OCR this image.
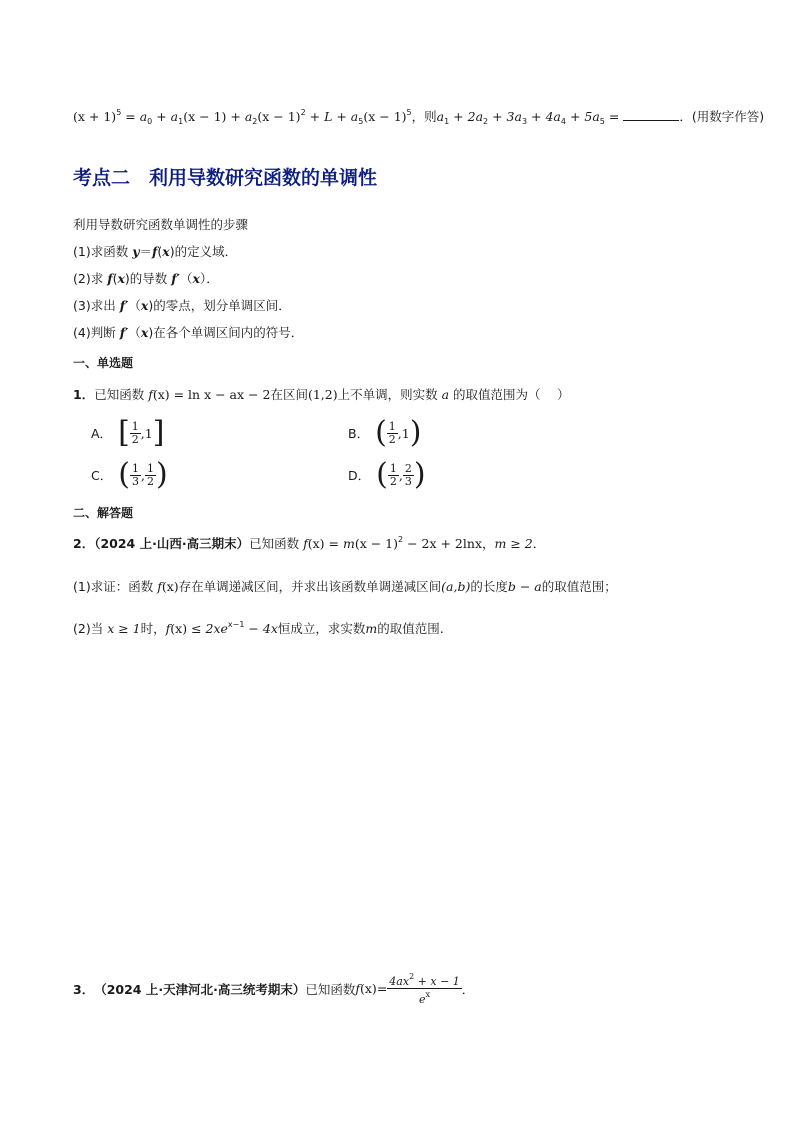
$(x + 1)^5 = a_0 + a_1(x - 1) + a_2(x - 1)^2 + L + a_5(x - 1)^5$，则$a_1 + 2a_2 + 3a_3 + 4a_4 + 5a_5$ =	．(用数字作答)
考点二　利用导数研究函数的单调性
利用导数研究函数单调性的步骤
(1)求函数 y＝f(x)的定义域．
(2)求 f(x)的导数 f′（x）．
(3)求出 f′（x)的零点，划分单调区间．
(4)判断 f′（x)在各个单调区间内的符号．
一、单选题
1．已知函数 f(x) = ln x − ax − 2在区间(1,2)上不单调，则实数 a 的取值范围为（　 ）
A． [ $\frac{1}{2} ,1$ ]	B． ( $\frac{1}{2} ,1$ )
C． ( $\frac{1}{3}$ , $\frac{1}{2}$ )	D． ( $\frac{1}{2}$ , $\frac{2}{3}$ )
二、解答题
2．（2024 上·山西·高三期末）已知函数 $f(x) = m(x - 1)^2 - 2x + 2\ln x$，m ≥ 2．
(1)求证：函数 f(x)存在单调递减区间，并求出该函数单调递减区间(a,b)的长度b − a的取值范围；
(2)当 x ≥ 1时，$f(x) \le 2xe^{x-1} - 4x$恒成立，求实数m的取值范围.
3． （2024 上·天津河北·高三统考期末） 已知函数 f $(x) = \frac{4ax^2 + x - 1}{e^x}$ ．
